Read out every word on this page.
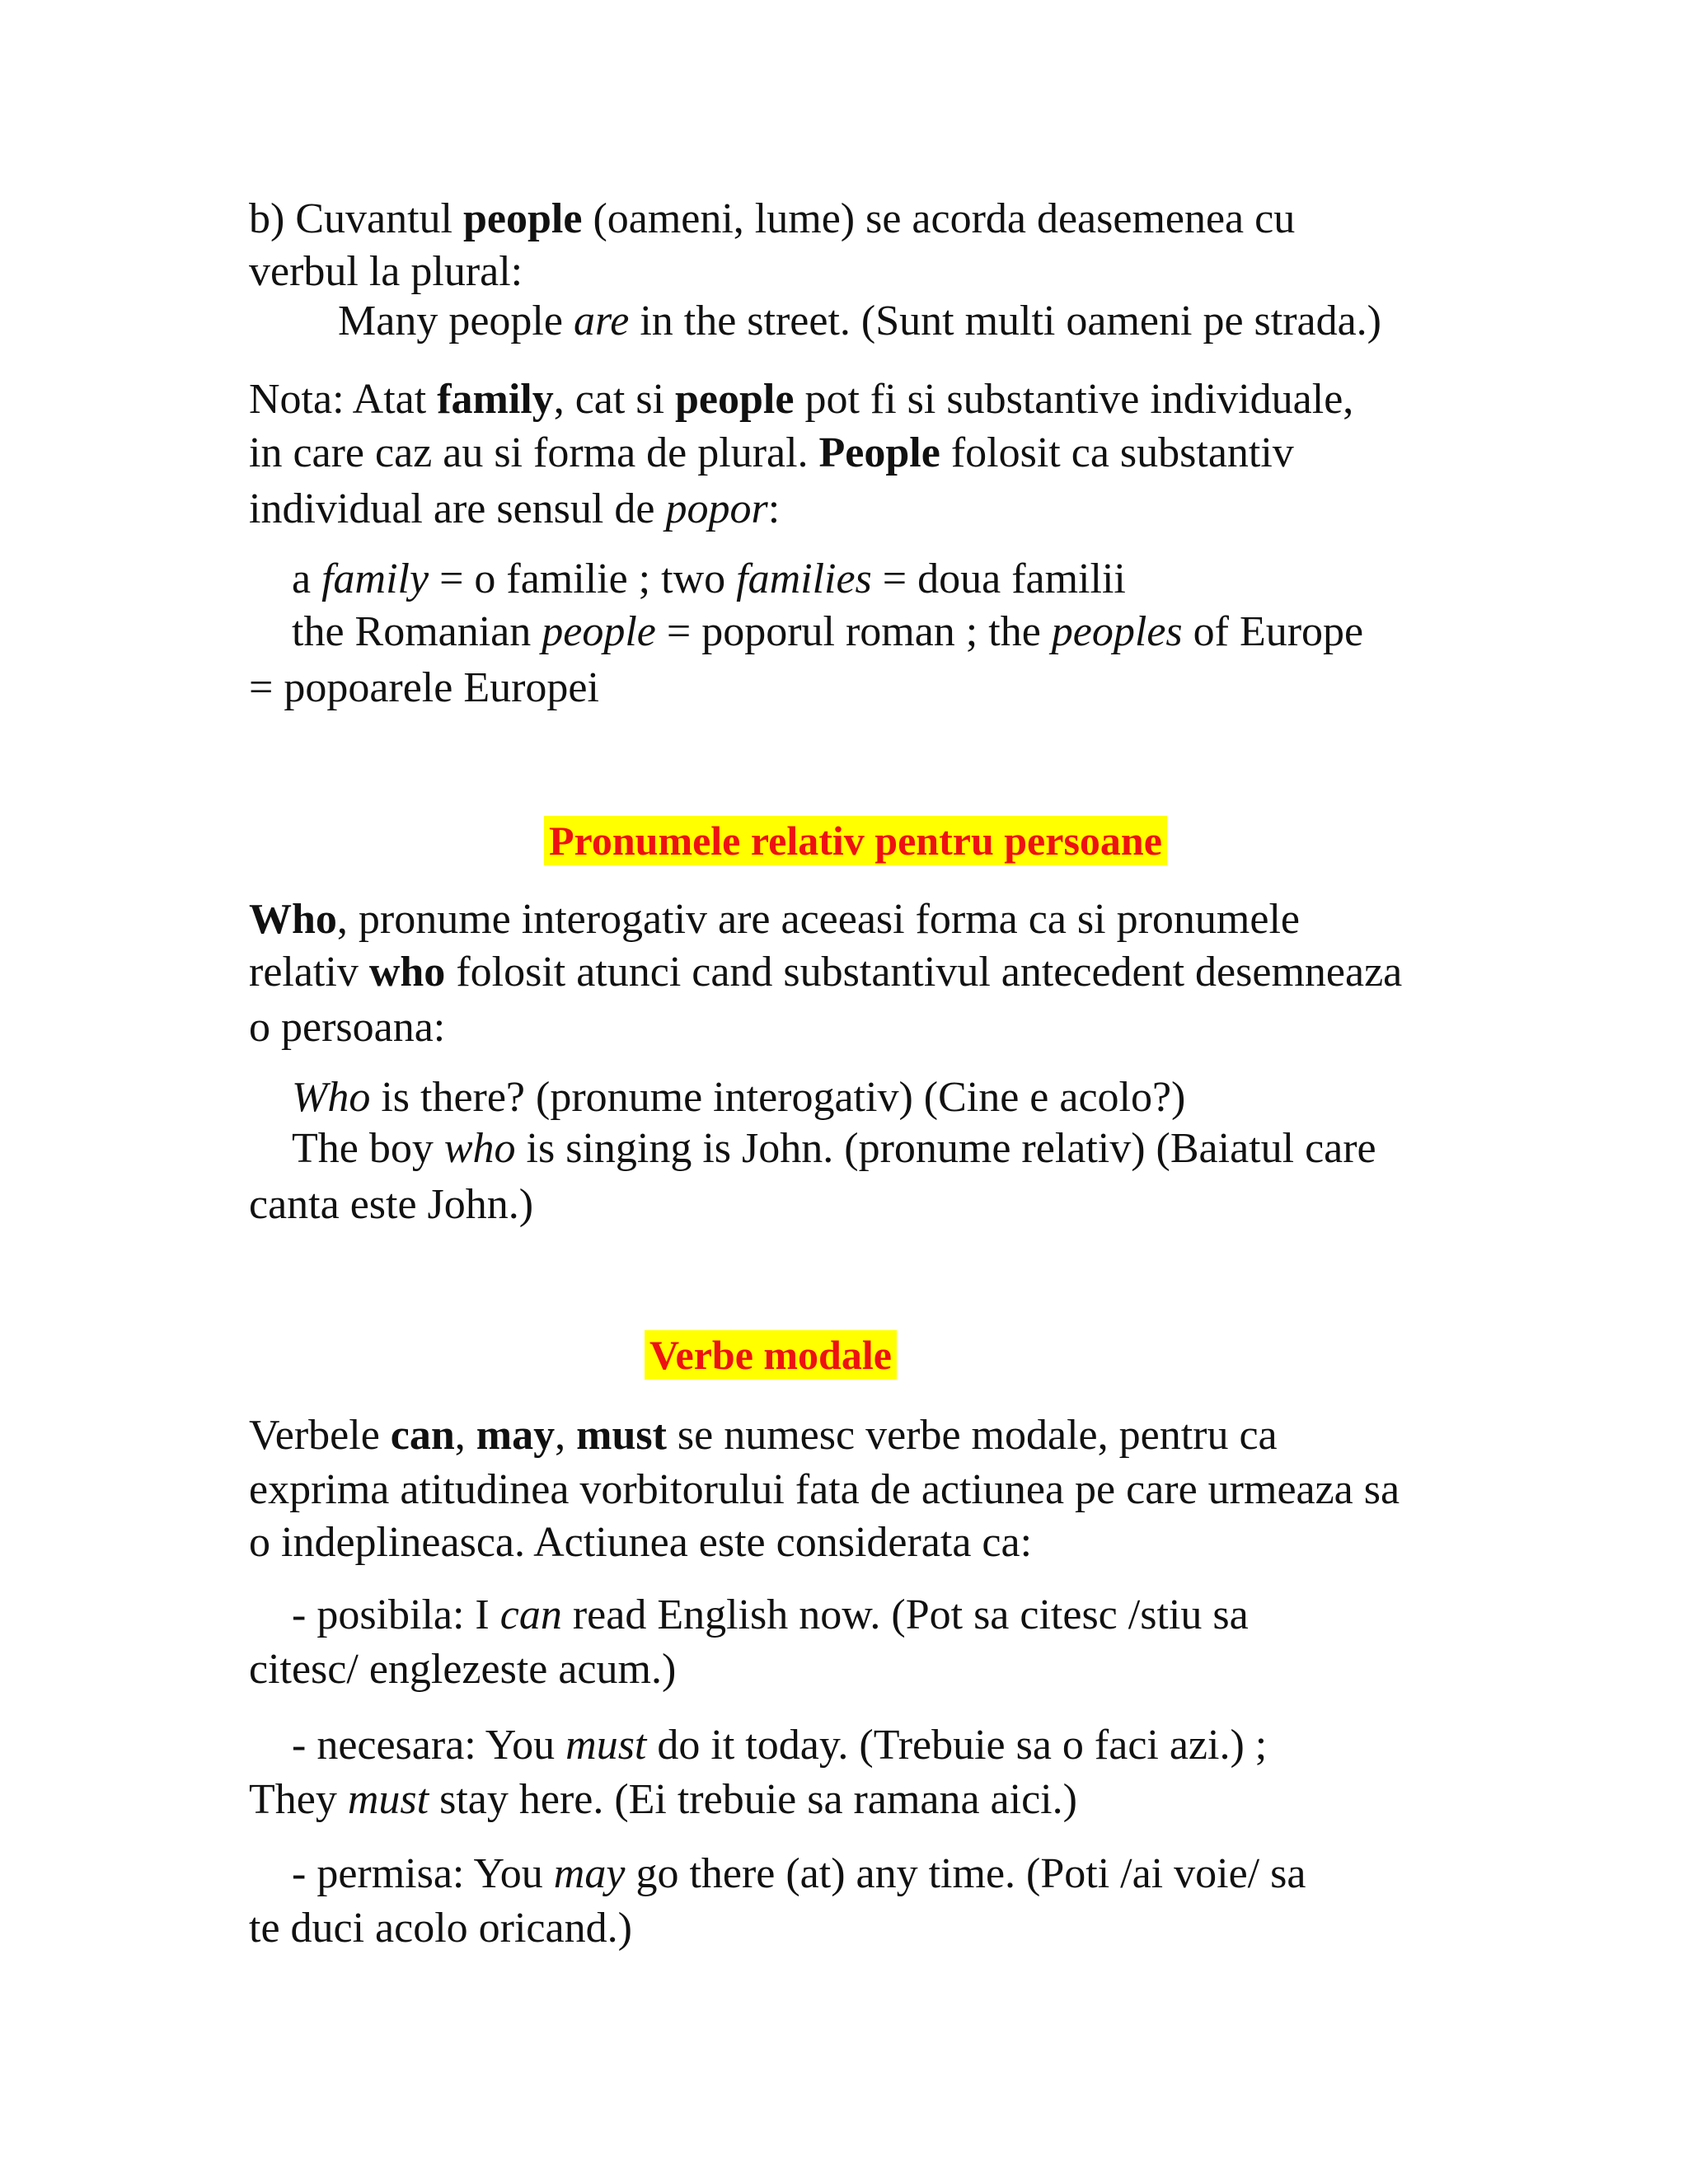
b) Cuvantul people (oameni, lume) se acorda deasemenea cu
verbul la plural:
Many people are in the street. (Sunt multi oameni pe strada.)
Nota: Atat family, cat si people pot fi si substantive individuale,
in care caz au si forma de plural. People folosit ca substantiv
individual are sensul de popor:
a family = o familie ; two families = doua familii
the Romanian people = poporul roman ; the peoples of Europe
= popoarele Europei
Pronumele relativ pentru persoane
Who, pronume interogativ are aceeasi forma ca si pronumele
relativ who folosit atunci cand substantivul antecedent desemneaza
o persoana:
Who is there? (pronume interogativ) (Cine e acolo?)
The boy who is singing is John. (pronume relativ) (Baiatul care
canta este John.)
Verbe modale
Verbele can, may, must se numesc verbe modale, pentru ca
exprima atitudinea vorbitorului fata de actiunea pe care urmeaza sa
o indeplineasca. Actiunea este considerata ca:
- posibila: I can read English now. (Pot sa citesc /stiu sa
citesc/ englezeste acum.)
- necesara: You must do it today. (Trebuie sa o faci azi.) ;
They must stay here. (Ei trebuie sa ramana aici.)
- permisa: You may go there (at) any time. (Poti /ai voie/ sa
te duci acolo oricand.)
